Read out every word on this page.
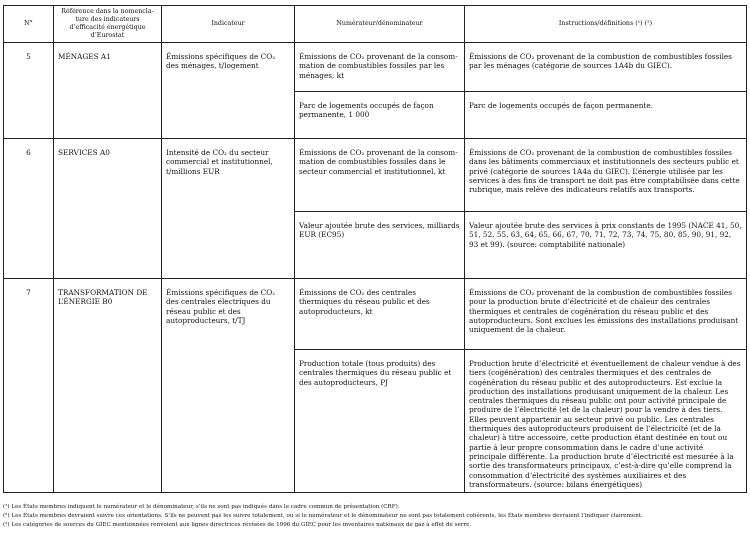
N°	Référence dans la nomenclature des indicateurs d’efficacité énergétique d’Eurostat	Indicateur	Numérateur/dénominateur	Instructions/définitions (¹) (²)
5	MÉNAGES A1	Émissions spécifiques de CO₂ des ménages, t/logement	Émissions de CO₂ provenant de la consommation de combustibles fossiles par les ménages, kt	Émissions de CO₂ provenant de la combustion de combustibles fossiles par les ménages (catégorie de sources 1A4b du GIEC).
			Parc de logements occupés de façon permanente, 1 000	Parc de logements occupés de façon permanente.
6	SERVICES A0	Intensité de CO₂ du secteur commercial et institutionnel, t/millions EUR	Émissions de CO₂ provenant de la consommation de combustibles fossiles dans le secteur commercial et institutionnel, kt	Émissions de CO₂ provenant de la combustion de combustibles fossiles dans les bâtiments commerciaux et institutionnels des secteurs public et privé (catégorie de sources 1A4a du GIEC). L’énergie utilisée par les services à des fins de transport ne doit pas être comptabilisée dans cette rubrique, mais relève des indicateurs relatifs aux transports.
			Valeur ajoutée brute des services, milliards EUR (EC95)	Valeur ajoutée brute des services à prix constants de 1995 (NACE 41, 50, 51, 52, 55, 63, 64, 65, 66, 67, 70, 71, 72, 73, 74, 75, 80, 85, 90, 91, 92, 93 et 99). (source: comptabilité nationale)
7	TRANSFORMATION DE L’ÉNERGIE B0	Émissions spécifiques de CO₂ des centrales électriques du réseau public et des autoproducteurs, t/TJ	Émissions de CO₂ des centrales thermiques du réseau public et des autoproducteurs, kt	Émissions de CO₂ provenant de la combustion de combustibles fossiles pour la production brute d’électricité et de chaleur des centrales thermiques et centrales de cogénération du réseau public et des autoproducteurs. Sont exclues les émissions des installations produisant uniquement de la chaleur.
			Production totale (tous produits) des centrales thermiques du réseau public et des autoproducteurs, PJ	Production brute d’électricité et éventuellement de chaleur vendue à des tiers (cogénération) des centrales thermiques et des centrales de cogénération du réseau public et des autoproducteurs. Est exclue la production des installations produisant uniquement de la chaleur. Les centrales thermiques du réseau public ont pour activité principale de produire de l’électricité (et de la chaleur) pour la vendre à des tiers. Elles peuvent appartenir au secteur privé ou public. Les centrales thermiques des autoproducteurs produisent de l’électricité (et de la chaleur) à titre accessoire, cette production étant destinée en tout ou partie à leur propre consommation dans le cadre d’une activité principale différente. La production brute d’électricité est mesurée à la sortie des transformateurs principaux, c’est-à-dire qu’elle comprend la consommation d’électricité des systèmes auxiliaires et des transformateurs. (source: bilans énergétiques)
(¹) Les États membres indiquent le numérateur et le dénominateur, s’ils ne sont pas indiqués dans le cadre commun de présentation (CRF).
(²) Les États membres devraient suivre ces orientations. S’ils ne peuvent pas les suivre totalement, ou si le numérateur et le dénominateur ne sont pas totalement cohérents, les États membres devraient l’indiquer clairement.
(³) Les catégories de sources du GIEC mentionnées renvoient aux lignes directrices révisées de 1996 du GIEC pour les inventaires nationaux de gaz à effet de serre.
